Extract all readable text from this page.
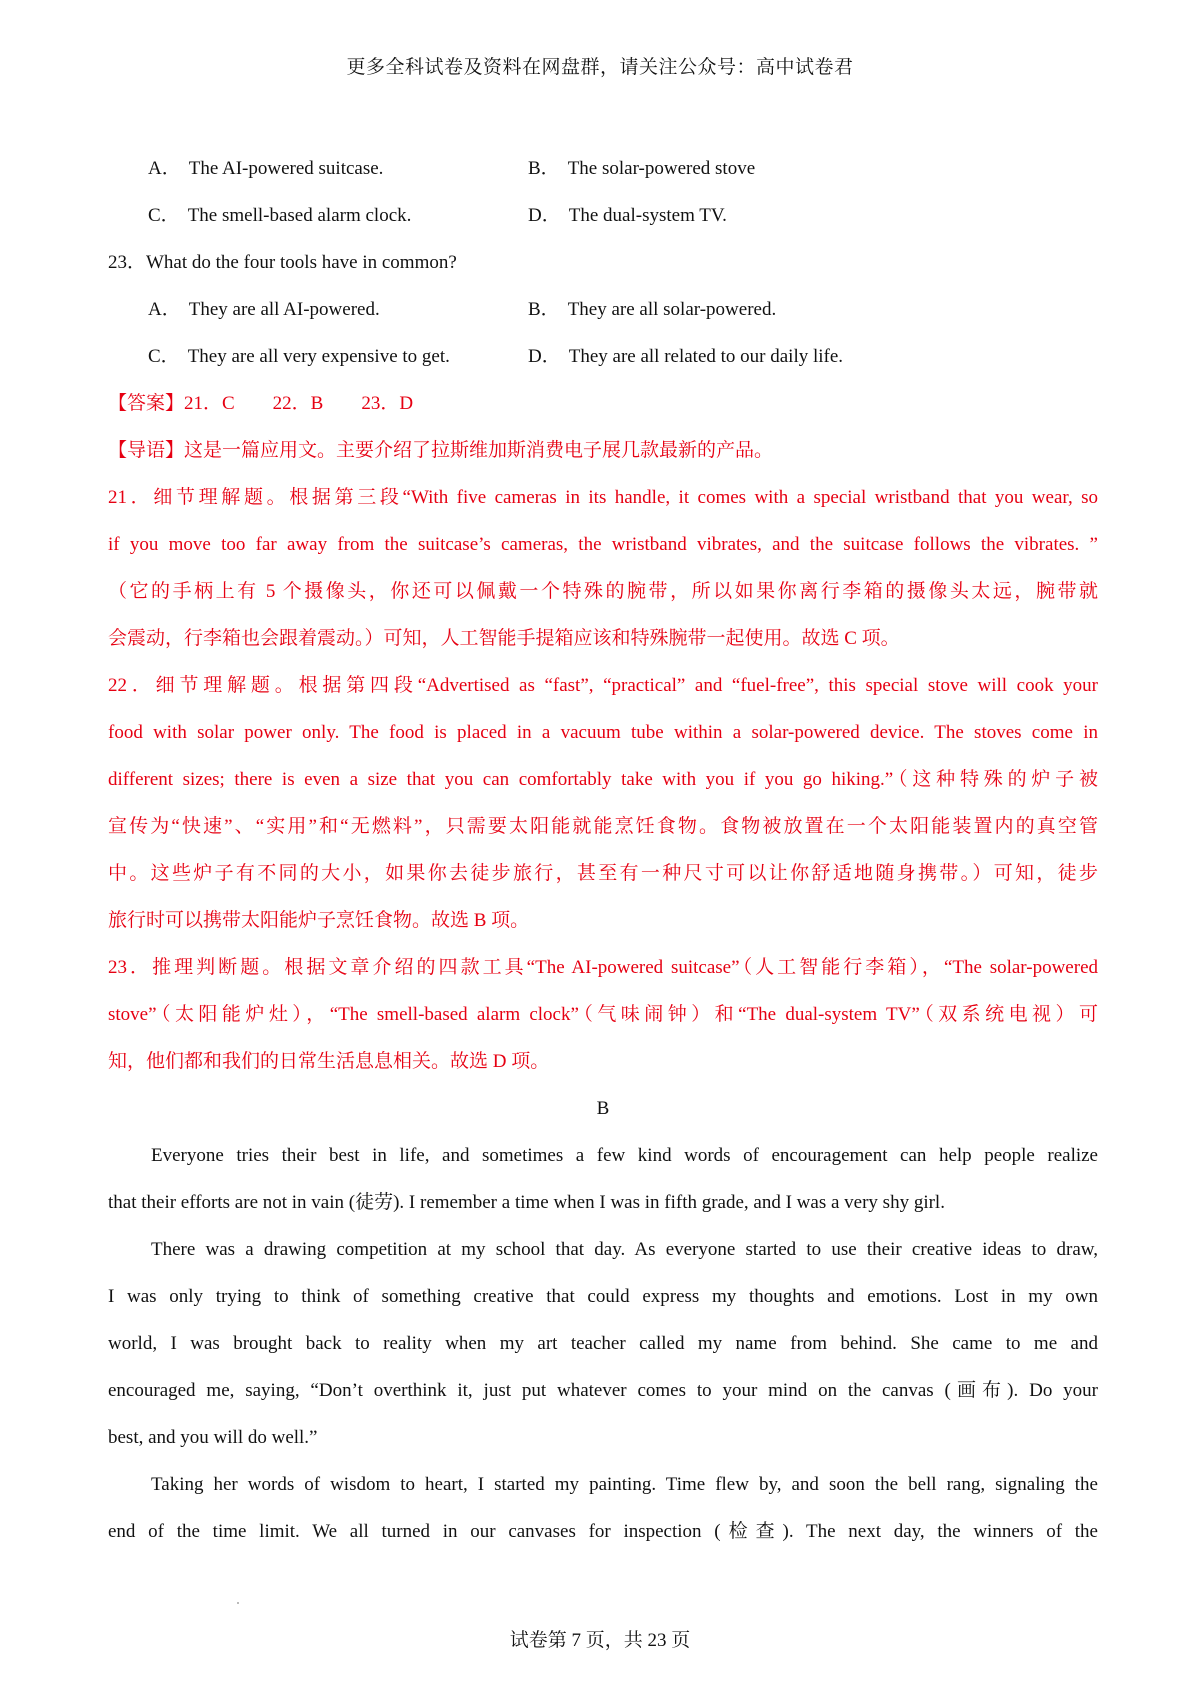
更多全科试卷及资料在网盘群，请关注公众号：高中试卷君
A． The AI-powered suitcase.	B． The solar-powered stove
C． The smell-based alarm clock.	D． The dual-system TV.
23．What do the four tools have in common?
A． They are all AI-powered.	B． They are all solar-powered.
C． They are all very expensive to get.	D． They are all related to our daily life.
【答案】21．C　　22．B　　23．D
【导语】这是一篇应用文。主要介绍了拉斯维加斯消费电子展几款最新的产品。
21．细节理解题。根据第三段“With five cameras in its handle, it comes with a special wristband that you wear, so
if you move too far away from the suitcase’s cameras, the wristband vibrates, and the suitcase follows the vibrates. ”
（它的手柄上有 5 个摄像头，你还可以佩戴一个特殊的腕带，所以如果你离行李箱的摄像头太远，腕带就
会震动，行李箱也会跟着震动。）可知，人工智能手提箱应该和特殊腕带一起使用。故选 C 项。
22．细节理解题。根据第四段“Advertised as “fast”, “practical” and “fuel-free”, this special stove will cook your
food with solar power only. The food is placed in a vacuum tube within a solar-powered device. The stoves come in
different sizes; there is even a size that you can comfortably take with you if you go hiking.”（这种特殊的炉子被
宣传为“快速”、“实用”和“无燃料”，只需要太阳能就能烹饪食物。食物被放置在一个太阳能装置内的真空管
中。这些炉子有不同的大小，如果你去徒步旅行，甚至有一种尺寸可以让你舒适地随身携带。）可知，徒步
旅行时可以携带太阳能炉子烹饪食物。故选 B 项。
23．推理判断题。根据文章介绍的四款工具“The AI-powered suitcase”（人工智能行李箱），“The solar-powered
stove”（太阳能炉灶），“The smell-based alarm clock”（气味闹钟）和“The dual-system TV”（双系统电视）可
知，他们都和我们的日常生活息息相关。故选 D 项。
B
Everyone tries their best in life, and sometimes a few kind words of encouragement can help people realize
that their efforts are not in vain (徒劳). I remember a time when I was in fifth grade, and I was a very shy girl.
There was a drawing competition at my school that day. As everyone started to use their creative ideas to draw,
I was only trying to think of something creative that could express my thoughts and emotions. Lost in my own
world, I was brought back to reality when my art teacher called my name from behind. She came to me and
encouraged me, saying, “Don’t overthink it, just put whatever comes to your mind on the canvas (画布). Do your
best, and you will do well.”
Taking her words of wisdom to heart, I started my painting. Time flew by, and soon the bell rang, signaling the
end of the time limit. We all turned in our canvases for inspection (检查). The next day, the winners of the
试卷第 7 页，共 23 页
